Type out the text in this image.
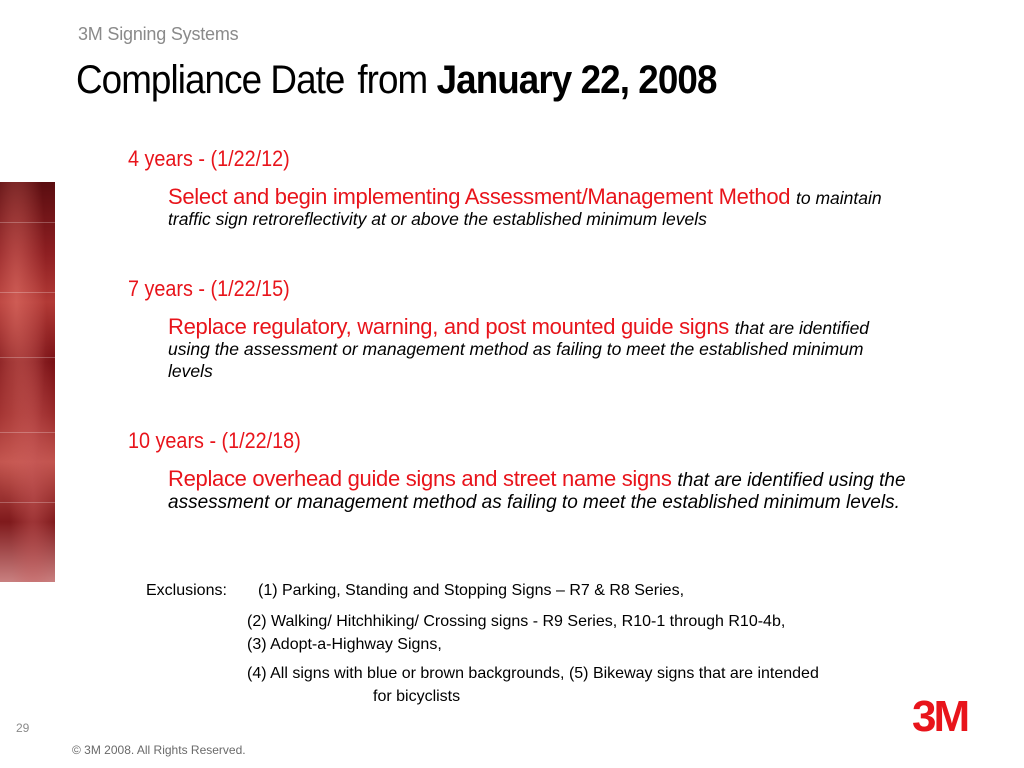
3M Signing Systems
Compliance Date from January 22, 2008
4 years - (1/22/12)
Select and begin implementing Assessment/Management Method to maintain traffic sign retroreflectivity at or above the established minimum levels
7 years - (1/22/15)
Replace regulatory, warning, and post mounted guide signs that are identified using the assessment or management method as failing to meet the established minimum levels
10 years - (1/22/18)
Replace overhead guide signs and street name signs that are identified using the assessment or management method as failing to meet the established minimum levels.
Exclusions: (1) Parking, Standing and Stopping Signs – R7 & R8 Series,
(2) Walking/ Hitchhiking/ Crossing signs - R9 Series, R10-1 through R10-4b,
(3) Adopt-a-Highway Signs,
(4) All signs with blue or brown backgrounds, (5) Bikeway signs that are intended
for bicyclists
29
© 3M 2008. All Rights Reserved.
3M
